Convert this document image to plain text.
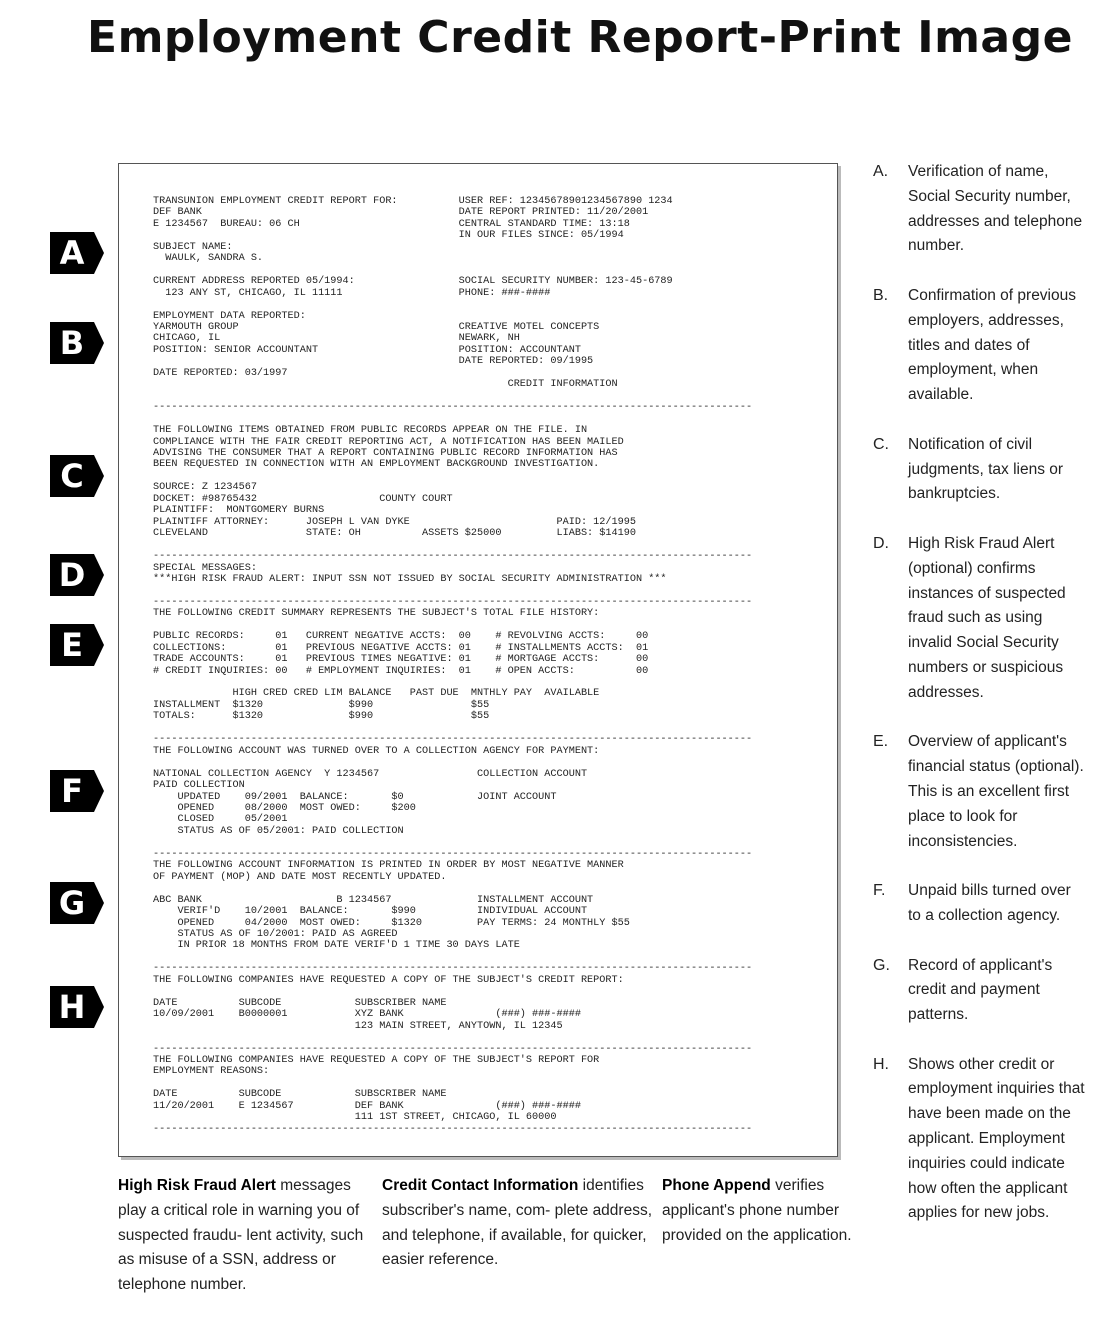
Employment Credit Report-Print Image
TRANSUNION EMPLOYMENT CREDIT REPORT FOR:          USER REF: 12345678901234567890 1234
DEF BANK                                          DATE REPORT PRINTED: 11/20/2001
E 1234567  BUREAU: 06 CH                          CENTRAL STANDARD TIME: 13:18
IN OUR FILES SINCE: 05/1994
SUBJECT NAME:
WAULK, SANDRA S.

CURRENT ADDRESS REPORTED 05/1994:                 SOCIAL SECURITY NUMBER: 123-45-6789
123 ANY ST, CHICAGO, IL 11111                   PHONE: ###-####

EMPLOYMENT DATA REPORTED:
YARMOUTH GROUP                                    CREATIVE MOTEL CONCEPTS
CHICAGO, IL                                       NEWARK, NH
POSITION: SENIOR ACCOUNTANT                       POSITION: ACCOUNTANT
DATE REPORTED: 09/1995
DATE REPORTED: 03/1997
CREDIT INFORMATION

--------------------------------------------------------------------------------------------------

THE FOLLOWING ITEMS OBTAINED FROM PUBLIC RECORDS APPEAR ON THE FILE. IN
COMPLIANCE WITH THE FAIR CREDIT REPORTING ACT, A NOTIFICATION HAS BEEN MAILED
ADVISING THE CONSUMER THAT A REPORT CONTAINING PUBLIC RECORD INFORMATION HAS
BEEN REQUESTED IN CONNECTION WITH AN EMPLOYMENT BACKGROUND INVESTIGATION.

SOURCE: Z 1234567
DOCKET: #98765432                    COUNTY COURT
PLAINTIFF:  MONTGOMERY BURNS
PLAINTIFF ATTORNEY:      JOSEPH L VAN DYKE                        PAID: 12/1995
CLEVELAND                STATE: OH          ASSETS $25000         LIABS: $14190

--------------------------------------------------------------------------------------------------
SPECIAL MESSAGES:
***HIGH RISK FRAUD ALERT: INPUT SSN NOT ISSUED BY SOCIAL SECURITY ADMINISTRATION ***

--------------------------------------------------------------------------------------------------
THE FOLLOWING CREDIT SUMMARY REPRESENTS THE SUBJECT'S TOTAL FILE HISTORY:

PUBLIC RECORDS:     01   CURRENT NEGATIVE ACCTS:  00    # REVOLVING ACCTS:     00
COLLECTIONS:        01   PREVIOUS NEGATIVE ACCTS: 01    # INSTALLMENTS ACCTS:  01
TRADE ACCOUNTS:     01   PREVIOUS TIMES NEGATIVE: 01    # MORTGAGE ACCTS:      00
# CREDIT INQUIRIES: 00   # EMPLOYMENT INQUIRIES:  01    # OPEN ACCTS:          00

HIGH CRED CRED LIM BALANCE   PAST DUE  MNTHLY PAY  AVAILABLE
INSTALLMENT  $1320              $990                $55
TOTALS:      $1320              $990                $55

--------------------------------------------------------------------------------------------------
THE FOLLOWING ACCOUNT WAS TURNED OVER TO A COLLECTION AGENCY FOR PAYMENT:

NATIONAL COLLECTION AGENCY  Y 1234567                COLLECTION ACCOUNT
PAID COLLECTION
UPDATED    09/2001  BALANCE:       $0            JOINT ACCOUNT
OPENED     08/2000  MOST OWED:     $200
CLOSED     05/2001
STATUS AS OF 05/2001: PAID COLLECTION

--------------------------------------------------------------------------------------------------
THE FOLLOWING ACCOUNT INFORMATION IS PRINTED IN ORDER BY MOST NEGATIVE MANNER
OF PAYMENT (MOP) AND DATE MOST RECENTLY UPDATED.

ABC BANK                      B 1234567              INSTALLMENT ACCOUNT
VERIF'D    10/2001  BALANCE:       $990          INDIVIDUAL ACCOUNT
OPENED     04/2000  MOST OWED:     $1320         PAY TERMS: 24 MONTHLY $55
STATUS AS OF 10/2001: PAID AS AGREED
IN PRIOR 18 MONTHS FROM DATE VERIF'D 1 TIME 30 DAYS LATE

--------------------------------------------------------------------------------------------------
THE FOLLOWING COMPANIES HAVE REQUESTED A COPY OF THE SUBJECT'S CREDIT REPORT:

DATE          SUBCODE            SUBSCRIBER NAME
10/09/2001    B0000001           XYZ BANK               (###) ###-####
123 MAIN STREET, ANYTOWN, IL 12345

--------------------------------------------------------------------------------------------------
THE FOLLOWING COMPANIES HAVE REQUESTED A COPY OF THE SUBJECT'S REPORT FOR
EMPLOYMENT REASONS:

DATE          SUBCODE            SUBSCRIBER NAME
11/20/2001    E 1234567          DEF BANK               (###) ###-####
111 1ST STREET, CHICAGO, IL 60000
--------------------------------------------------------------------------------------------------
A
B
C
D
E
F
G
H
A. Verification of name, Social Security number, addresses and telephone number.
B. Confirmation of previous employers, addresses, titles and dates of employment, when available.
C. Notification of civil judgments, tax liens or bankruptcies.
D. High Risk Fraud Alert (optional) confirms instances of suspected fraud such as using invalid Social Security numbers or suspicious addresses.
E. Overview of applicant's financial status (optional). This is an excellent first place to look for inconsistencies.
F. Unpaid bills turned over to a collection agency.
G. Record of applicant's credit and payment patterns.
H. Shows other credit or employment inquiries that have been made on the applicant. Employment inquiries could indicate how often the applicant applies for new jobs.
High Risk Fraud Alert messages play a critical role in warning you of suspected fraudu- lent activity, such as misuse of a SSN, address or telephone number.
Credit Contact Information identifies subscriber's name, com- plete address, and telephone, if available, for quicker, easier reference.
Phone Append verifies applicant's phone number provided on the application.
